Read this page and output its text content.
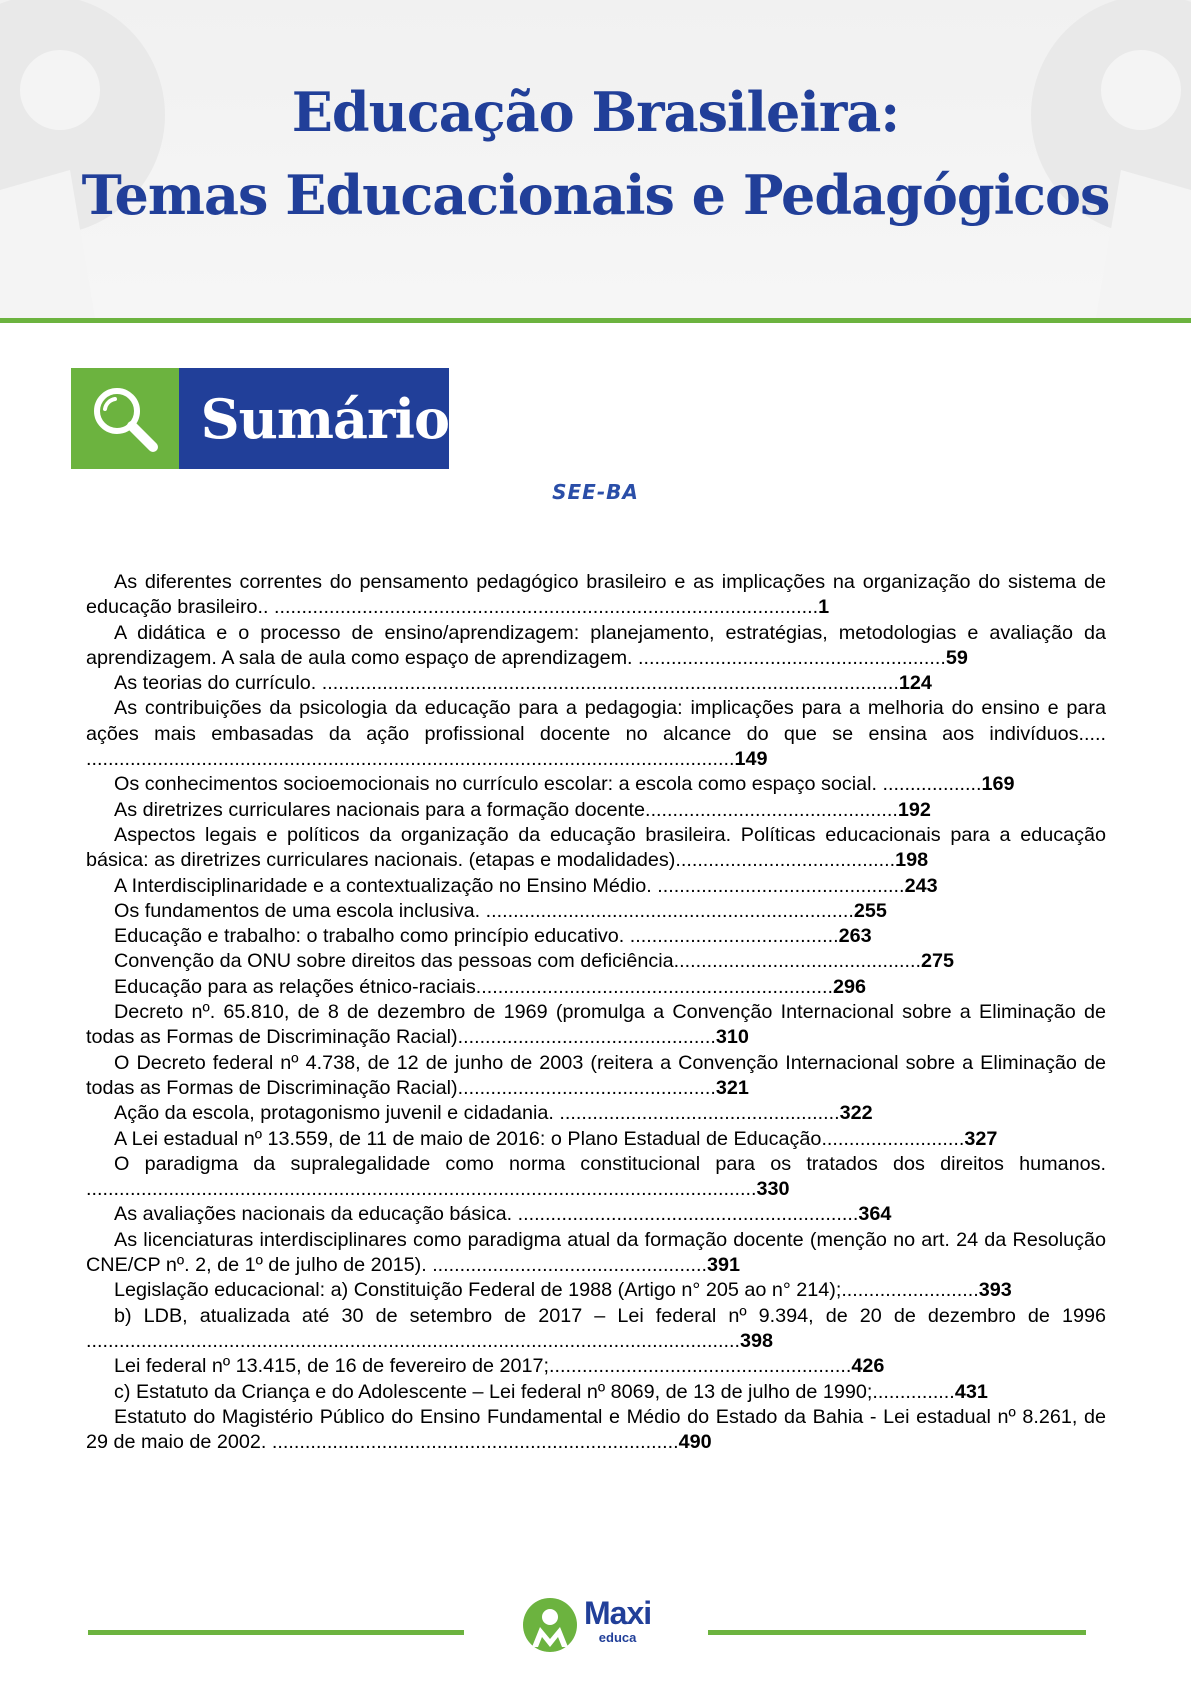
Educação Brasileira:
Temas Educacionais e Pedagógicos
Sumário
SEE-BA
As diferentes correntes do pensamento pedagógico brasileiro e as implicações na organização do sistema de educação brasileiro.. ...................................................................................................1
A didática e o processo de ensino/aprendizagem: planejamento, estratégias, metodologias e avaliação da aprendizagem. A sala de aula como espaço de aprendizagem. ........................................................59
As teorias do currículo. .........................................................................................................124
As contribuições da psicologia da educação para a pedagogia: implicações para a melhoria do ensino e para ações mais embasadas da ação profissional docente no alcance do que se ensina aos indivíduos..... ......................................................................................................................149
Os conhecimentos socioemocionais no currículo escolar: a escola como espaço social. ..................169
As diretrizes curriculares nacionais para a formação docente..............................................192
Aspectos legais e políticos da organização da educação brasileira. Políticas educacionais para a educação básica: as diretrizes curriculares nacionais. (etapas e modalidades)........................................198
A Interdisciplinaridade e a contextualização no Ensino Médio. .............................................243
Os fundamentos de uma escola inclusiva. ...................................................................255
Educação e trabalho: o trabalho como princípio educativo. ......................................263
Convenção da ONU sobre direitos das pessoas com deficiência.............................................275
Educação para as relações étnico-raciais.................................................................296
Decreto nº. 65.810, de 8 de dezembro de 1969 (promulga a Convenção Internacional sobre a Eliminação de todas as Formas de Discriminação Racial)...............................................310
O Decreto federal nº 4.738, de 12 de junho de 2003 (reitera a Convenção Internacional sobre a Eliminação de todas as Formas de Discriminação Racial)...............................................321
Ação da escola, protagonismo juvenil e cidadania. ...................................................322
A Lei estadual nº 13.559, de 11 de maio de 2016: o Plano Estadual de Educação..........................327
O paradigma da supralegalidade como norma constitucional para os tratados dos direitos humanos. ..........................................................................................................................330
As avaliações nacionais da educação básica. ..............................................................364
As licenciaturas interdisciplinares como paradigma atual da formação docente (menção no art. 24 da Resolução CNE/CP nº. 2, de 1º de julho de 2015). ..................................................391
Legislação educacional: a) Constituição Federal de 1988 (Artigo n° 205 ao n° 214);.........................393
b) LDB, atualizada até 30 de setembro de 2017 – Lei federal nº 9.394, de 20 de dezembro de 1996 .......................................................................................................................398
Lei federal nº 13.415, de 16 de fevereiro de 2017;.......................................................426
c) Estatuto da Criança e do Adolescente – Lei federal nº 8069, de 13 de julho de 1990;...............431
Estatuto do Magistério Público do Ensino Fundamental e Médio do Estado da Bahia - Lei estadual nº 8.261, de 29 de maio de 2002. ..........................................................................490
Maxi
educa
